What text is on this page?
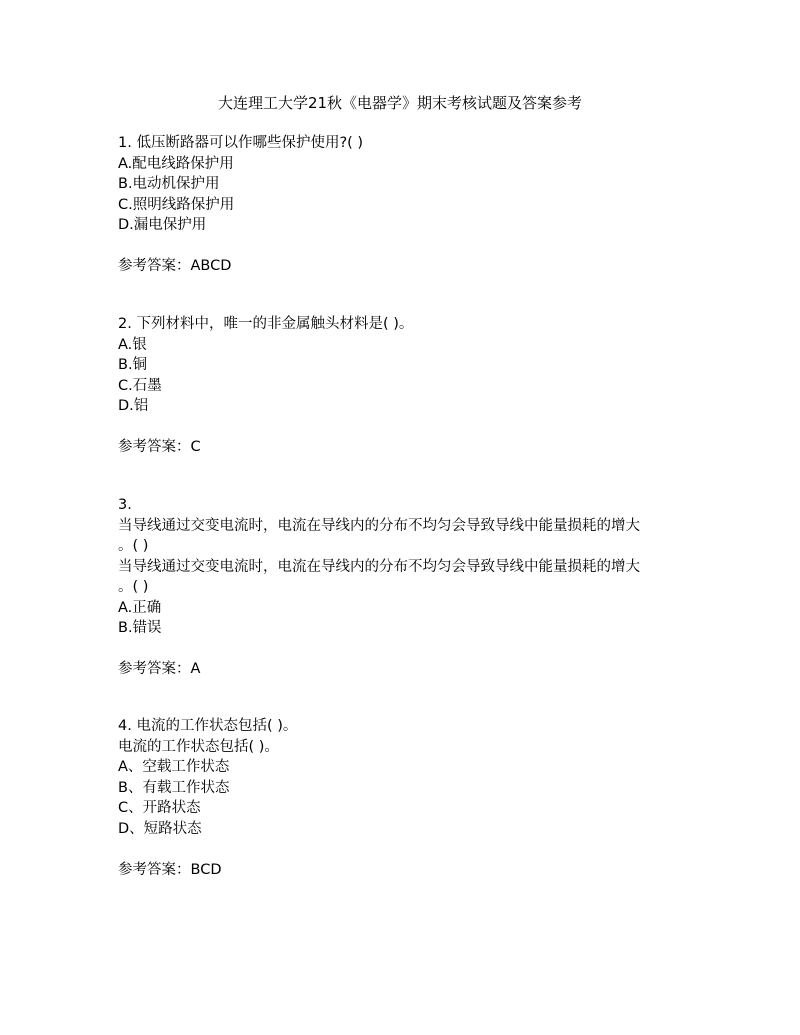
大连理工大学21秋《电器学》期末考核试题及答案参考
1. 低压断路器可以作哪些保护使用?( )
A.配电线路保护用
B.电动机保护用
C.照明线路保护用
D.漏电保护用
参考答案：ABCD
2. 下列材料中，唯一的非金属触头材料是( )。
A.银
B.铜
C.石墨
D.铝
参考答案：C
3.
当导线通过交变电流时，电流在导线内的分布不均匀会导致导线中能量损耗的增大
。( )
当导线通过交变电流时，电流在导线内的分布不均匀会导致导线中能量损耗的增大
。( )
A.正确
B.错误
参考答案：A
4. 电流的工作状态包括( )。
电流的工作状态包括( )。
A、空载工作状态
B、有载工作状态
C、开路状态
D、短路状态
参考答案：BCD
